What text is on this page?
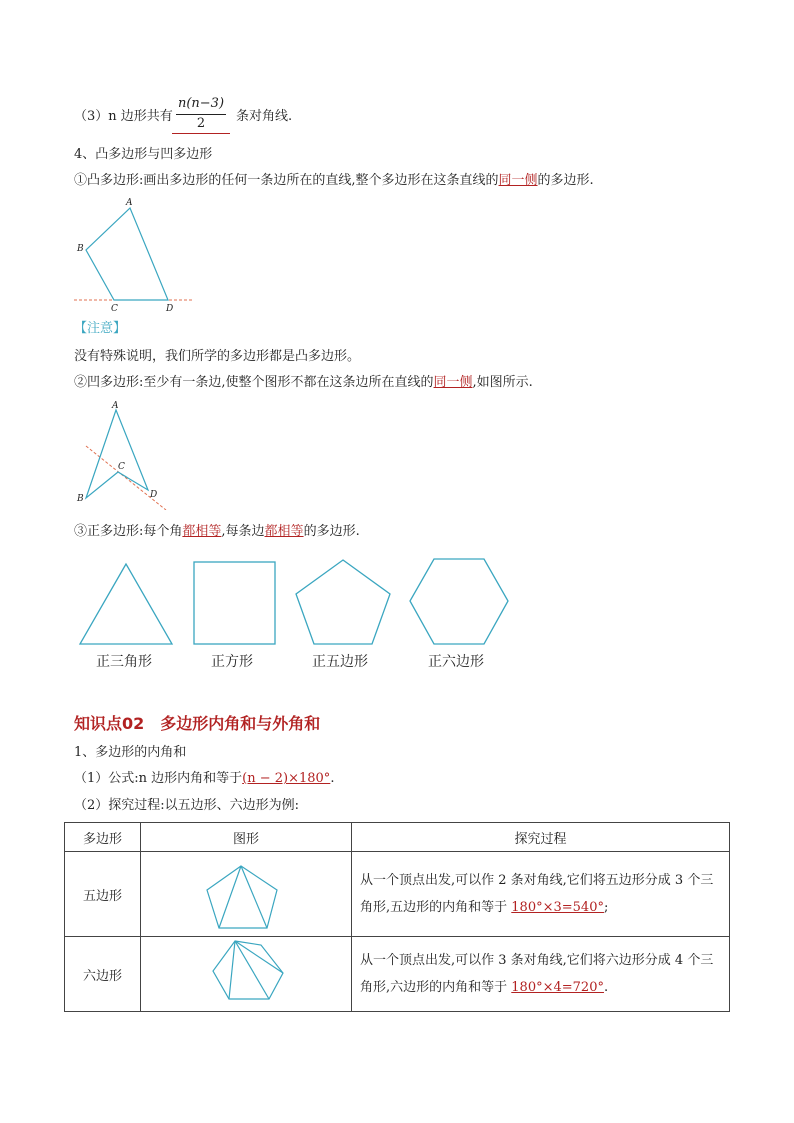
（3）n 边形共有
n(n−3)
2	条对角线.
4、凸多边形与凹多边形
①凸多边形:画出多边形的任何一条边所在的直线,整个多边形在这条直线的同一侧的多边形.
A
B
C	D
【注意】
没有特殊说明，我们所学的多边形都是凸多边形。
②凹多边形:至少有一条边,使整个图形不都在这条边所在直线的同一侧,如图所示.
A
B
C
D
③正多边形:每个角都相等,每条边都相等的多边形.
正三角形	正方形	正五边形	正六边形
知识点02 多边形内角和与外角和
1、多边形的内角和
（1）公式:n 边形内角和等于(n − 2)×180°.
（2）探究过程:以五边形、六边形为例:
多边形	图形	探究过程
五边形		从一个顶点出发,可以作 2 条对角线,它们将五边形分成 3 个三
角形,五边形的内角和等于 180°×3=540°;

六边形		从一个顶点出发,可以作 3 条对角线,它们将六边形分成 4 个三
角形,六边形的内角和等于 180°×4=720°.
